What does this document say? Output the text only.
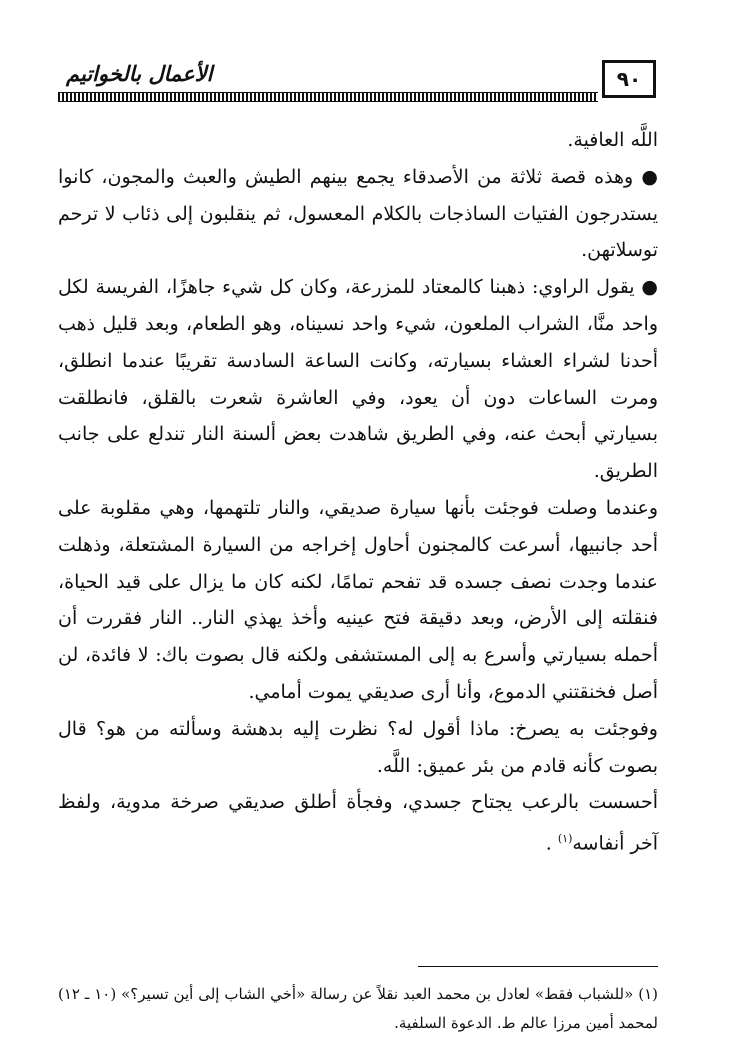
٩٠
الأعمال بالخواتيم

اللَّه العافية.

● وهذه قصة ثلاثة من الأصدقاء يجمع بينهم الطيش والعبث والمجون، كانوا يستدرجون الفتيات الساذجات بالكلام المعسول، ثم ينقلبون إلى ذئاب لا ترحم توسلاتهن.

● يقول الراوي: ذهبنا كالمعتاد للمزرعة، وكان كل شيء جاهزًا، الفريسة لكل واحد منَّا، الشراب الملعون، شيء واحد نسيناه، وهو الطعام، وبعد قليل ذهب أحدنا لشراء العشاء بسيارته، وكانت الساعة السادسة تقريبًا عندما انطلق، ومرت الساعات دون أن يعود، وفي العاشرة شعرت بالقلق، فانطلقت بسيارتي أبحث عنه، وفي الطريق شاهدت بعض ألسنة النار تندلع على جانب الطريق.

وعندما وصلت فوجئت بأنها سيارة صديقي، والنار تلتهمها، وهي مقلوبة على أحد جانبيها، أسرعت كالمجنون أحاول إخراجه من السيارة المشتعلة، وذهلت عندما وجدت نصف جسده قد تفحم تمامًا، لكنه كان ما يزال على قيد الحياة، فنقلته إلى الأرض، وبعد دقيقة فتح عينيه وأخذ يهذي النار.. النار فقررت أن أحمله بسيارتي وأسرع به إلى المستشفى ولكنه قال بصوت باك: لا فائدة، لن أصل فخنقتني الدموع، وأنا أرى صديقي يموت أمامي.

وفوجئت به يصرخ: ماذا أقول له؟ نظرت إليه بدهشة وسألته من هو؟ قال بصوت كأنه قادم من بئر عميق: اللَّه.

أحسست بالرعب يجتاح جسدي، وفجأة أطلق صديقي صرخة مدوية، ولفظ آخر أنفاسه$^{(١)}$ .

(١) «للشباب فقط» لعادل بن محمد العبد نقلاً عن رسالة «أخي الشاب إلى أين تسير؟» (١٠ ـ ١٢) لمحمد أمين مرزا عالم ط. الدعوة السلفية.
